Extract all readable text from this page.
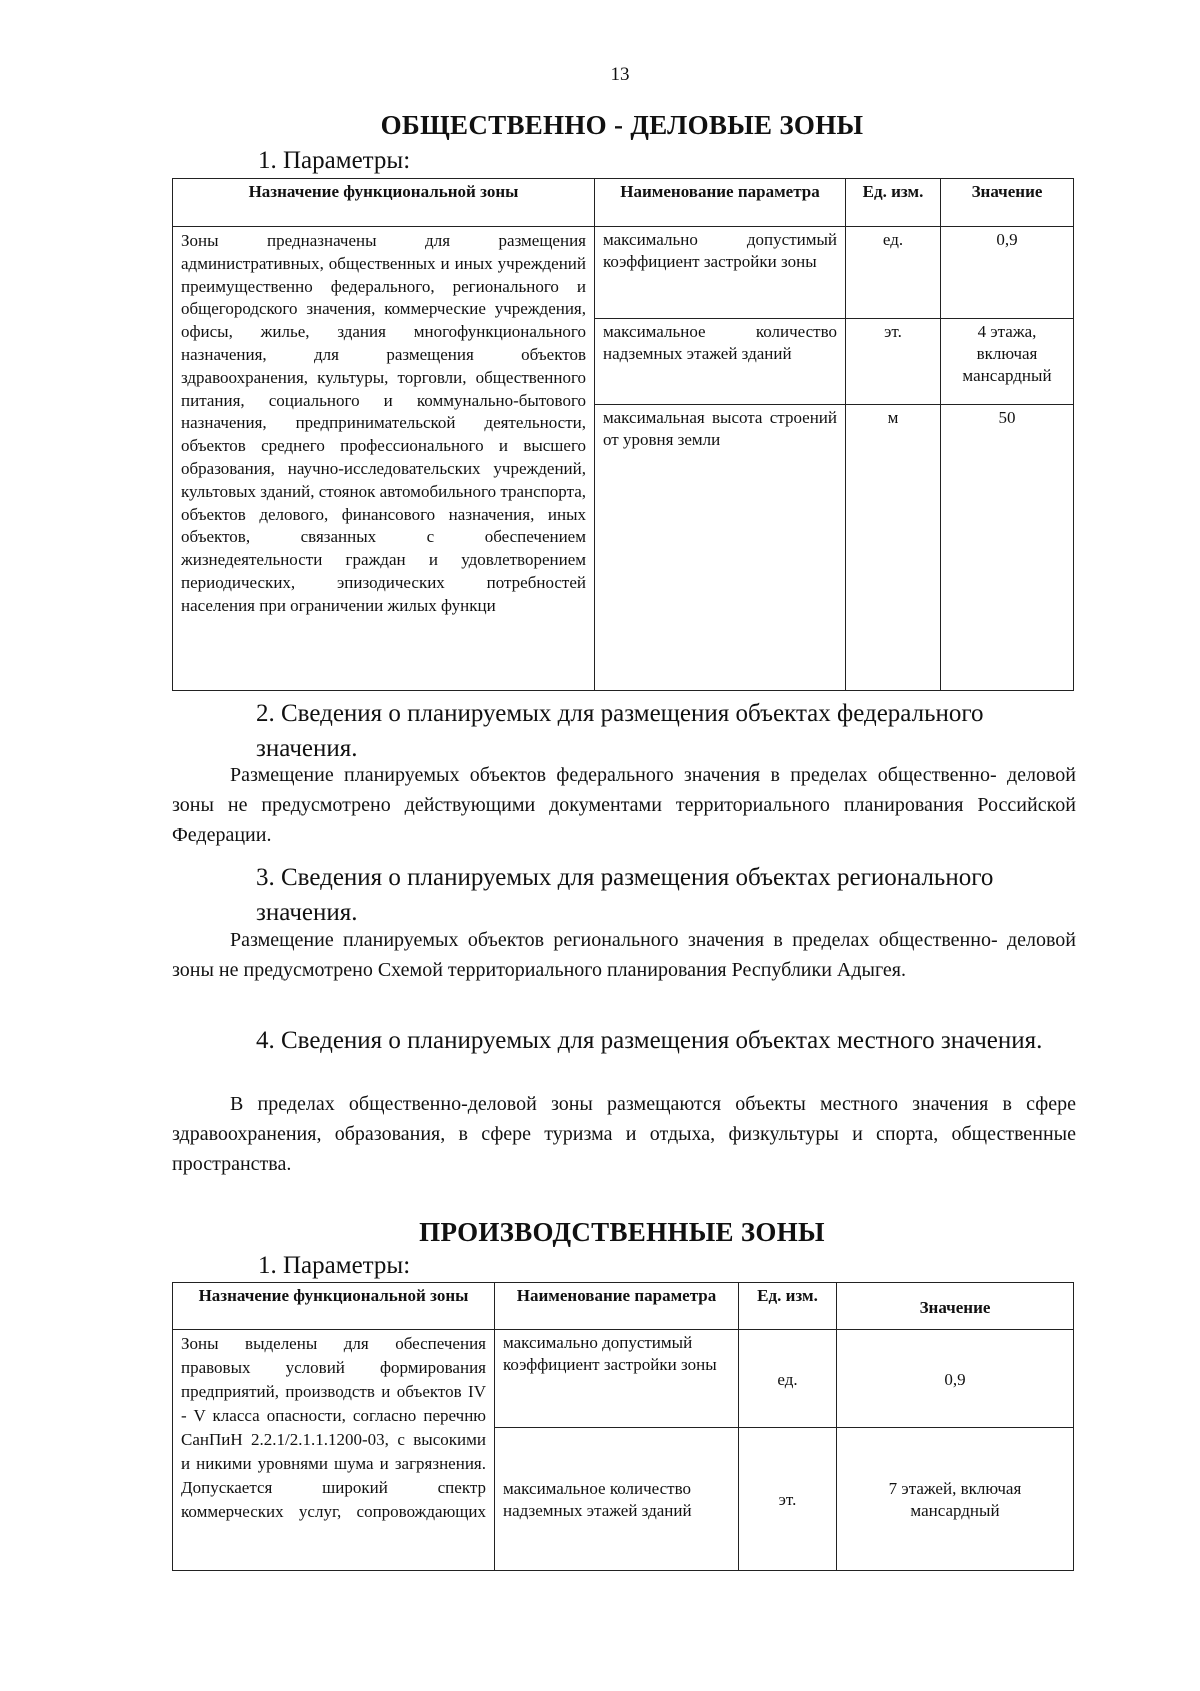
13
ОБЩЕСТВЕННО - ДЕЛОВЫЕ ЗОНЫ
1. Параметры:
Назначение функциональной зоны	Наименование параметра	Ед. изм.	Значение
Зоны предназначены для размещения административных, общественных и иных учреждений преимущественно федерального, регионального и общегородского значения, коммерческие учреждения, офисы, жилье, здания многофункционального назначения, для размещения объектов здравоохранения, культуры, торговли, общественного питания, социального и коммунально-бытового назначения, предпринимательской деятельности, объектов среднего профессионального и высшего образования, научно-исследовательских учреждений, культовых зданий, стоянок автомобильного транспорта, объектов делового, финансового назначения, иных объектов, связанных с обеспечением жизнедеятельности граждан и удовлетворением периодических, эпизодических потребностей населения при ограничении жилых функци	максимально допустимый коэффициент застройки зоны	ед.	0,9
	максимальное количество надземных этажей зданий	эт.	4 этажа, включая мансардный
	максимальная высота строений от уровня земли	м	50
2. Сведения о планируемых для размещения объектах федерального значения.
Размещение планируемых объектов федерального значения в пределах общественно- деловой зоны не предусмотрено действующими документами территориального планирования Российской Федерации.
3. Сведения о планируемых для размещения объектах регионального значения.
Размещение планируемых объектов регионального значения в пределах общественно- деловой зоны не предусмотрено Схемой территориального планирования Республики Адыгея.
4. Сведения о планируемых для размещения объектах местного значения.
В пределах общественно-деловой зоны размещаются объекты местного значения в сфере здравоохранения, образования, в сфере туризма и отдыха, физкультуры и спорта, общественные пространства.
ПРОИЗВОДСТВЕННЫЕ ЗОНЫ
1. Параметры:
Назначение функциональной зоны	Наименование параметра	Ед. изм.	Значение
Зоны выделены для обеспечения правовых условий формирования предприятий, производств и объектов IV - V класса опасности, согласно перечню СанПиН 2.2.1/2.1.1.1200-03, с высокими и никими уровнями шума и загрязнения. Допускается широкий спектр коммерческих услуг, сопровождающих	максимально допустимый коэффициент застройки зоны	ед.	0,9
	максимальное количество надземных этажей зданий	эт.	7 этажей, включая мансардный
